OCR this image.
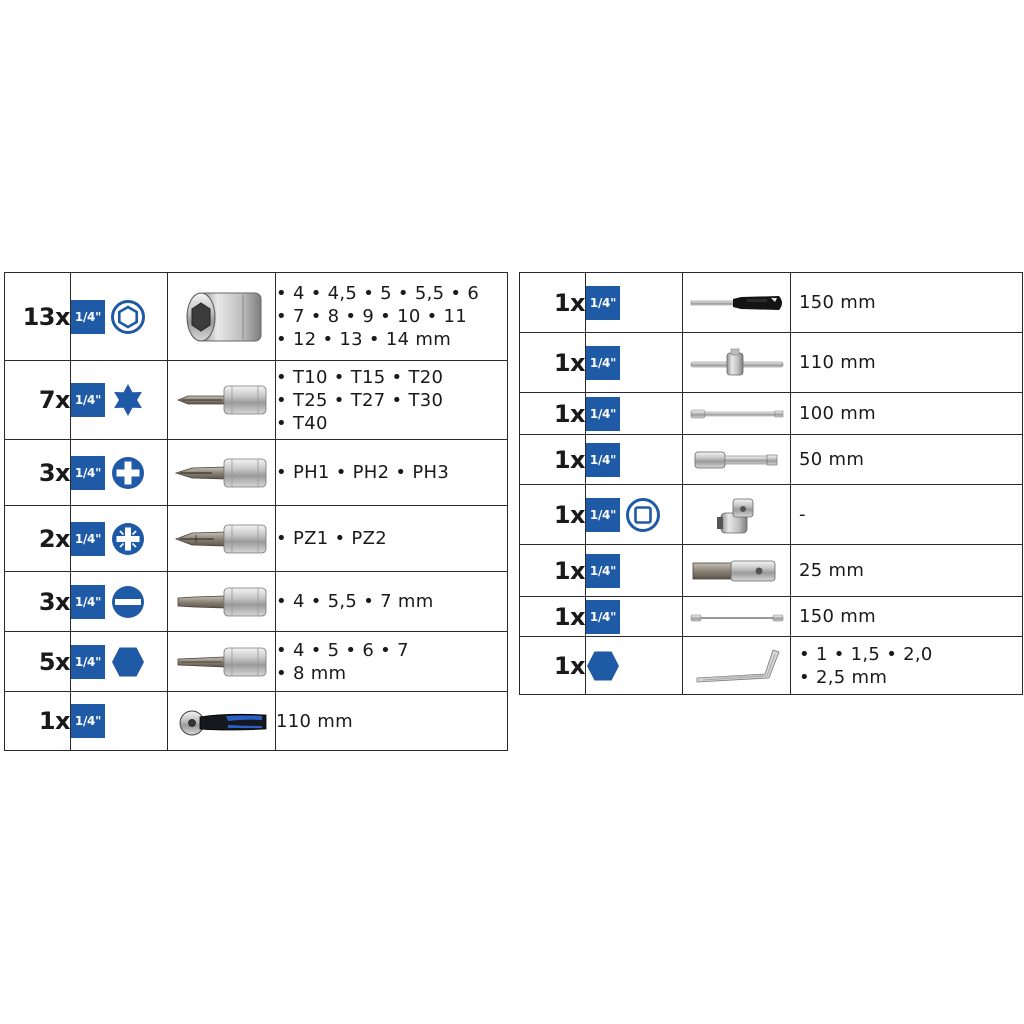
13x	1/4"		• 4 • 4,5 • 5 • 5,5 • 6
• 7 • 8 • 9 • 10 • 11
• 12 • 13 • 14 mm

7x	1/4"		• T10 • T15 • T20
• T25 • T27 • T30
• T40

3x	1/4"		• PH1 • PH2 • PH3

2x	1/4"		• PZ1 • PZ2

3x	1/4"		• 4 • 5,5 • 7 mm

5x	1/4"		• 4 • 5 • 6 • 7
• 8 mm

1x	1/4"		110 mm
1x	1/4"		150 mm

1x	1/4"		110 mm

1x	1/4"		100 mm

1x	1/4"		50 mm

1x	1/4"		-

1x	1/4"		25 mm

1x	1/4"		150 mm

1x			• 1 • 1,5 • 2,0
• 2,5 mm
